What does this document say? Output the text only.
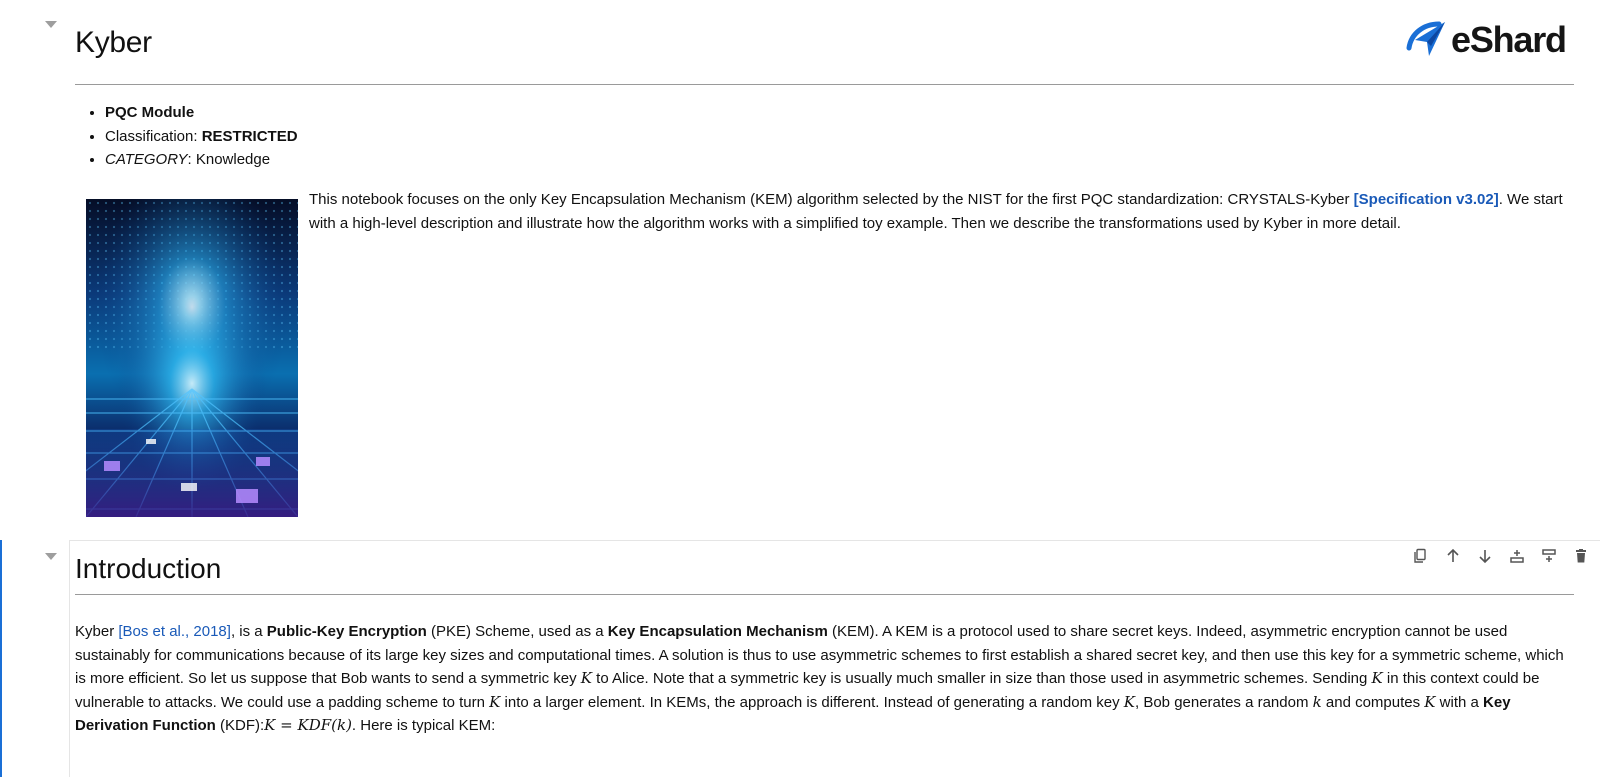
Kyber	eShard
• PQC Module
• Classification: RESTRICTED
• CATEGORY: Knowledge

This notebook focuses on the only Key Encapsulation Mechanism (KEM) algorithm selected by the NIST for the first PQC standardization: CRYSTALS-Kyber [Specification v3.02]. We start with a high-level description and illustrate how the algorithm works with a simplified toy example. Then we describe the transformations used by Kyber in more detail.

Introduction

Kyber [Bos et al., 2018], is a Public-Key Encryption (PKE) Scheme, used as a Key Encapsulation Mechanism (KEM). A KEM is a protocol used to share secret keys. Indeed, asymmetric encryption cannot be used sustainably for communications because of its large key sizes and computational times. A solution is thus to use asymmetric schemes to first establish a shared secret key, and then use this key for a symmetric scheme, which is more efficient. So let us suppose that Bob wants to send a symmetric key K to Alice. Note that a symmetric key is usually much smaller in size than those used in asymmetric schemes. Sending K in this context could be vulnerable to attacks. We could use a padding scheme to turn K into a larger element. In KEMs, the approach is different. Instead of generating a random key K, Bob generates a random k and computes K with a Key Derivation Function (KDF):K = KDF(k). Here is typical KEM:
